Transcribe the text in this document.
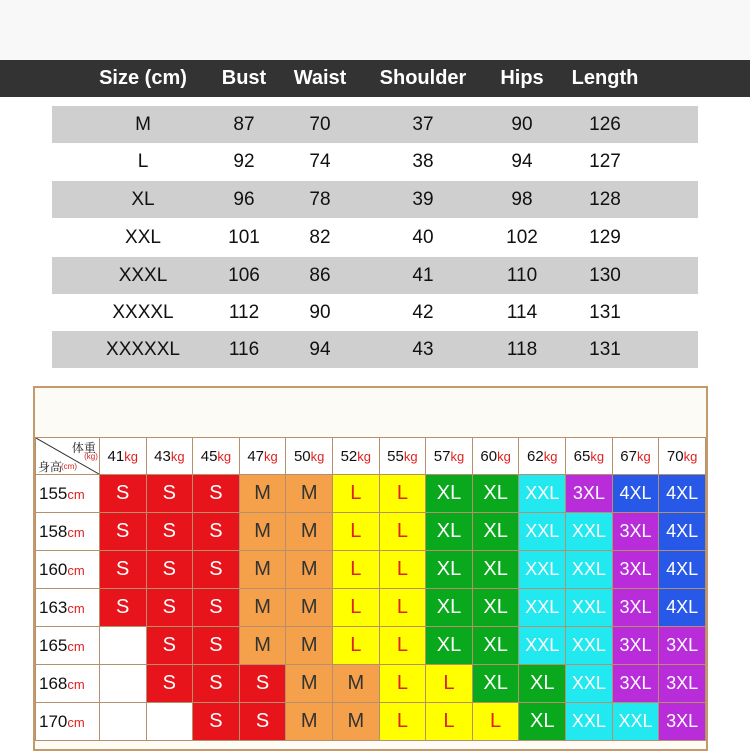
Size (cm)	Bust	Waist	Shoulder	Hips	Length
M	87	70	37	90	126
L	92	74	38	94	127
XL	96	78	39	98	128
XXL	101	82	40	102	129
XXXL	106	86	41	110	130
XXXXL	112	90	42	114	131
XXXXXL	116	94	43	118	131
体重
(kg)
身高
(cm)	41kg	43kg	45kg	47kg	50kg	52kg	55kg	57kg	60kg	62kg	65kg	67kg	70kg
155cm	S	S	S	M	M	L	L	XL	XL	XXL	3XL	4XL	4XL
158cm	S	S	S	M	M	L	L	XL	XL	XXL	XXL	3XL	4XL
160cm	S	S	S	M	M	L	L	XL	XL	XXL	XXL	3XL	4XL
163cm	S	S	S	M	M	L	L	XL	XL	XXL	XXL	3XL	4XL
165cm		S	S	M	M	L	L	XL	XL	XXL	XXL	3XL	3XL
168cm		S	S	S	M	M	L	L	XL	XL	XXL	3XL	3XL
170cm			S	S	M	M	L	L	L	XL	XXL	XXL	3XL
